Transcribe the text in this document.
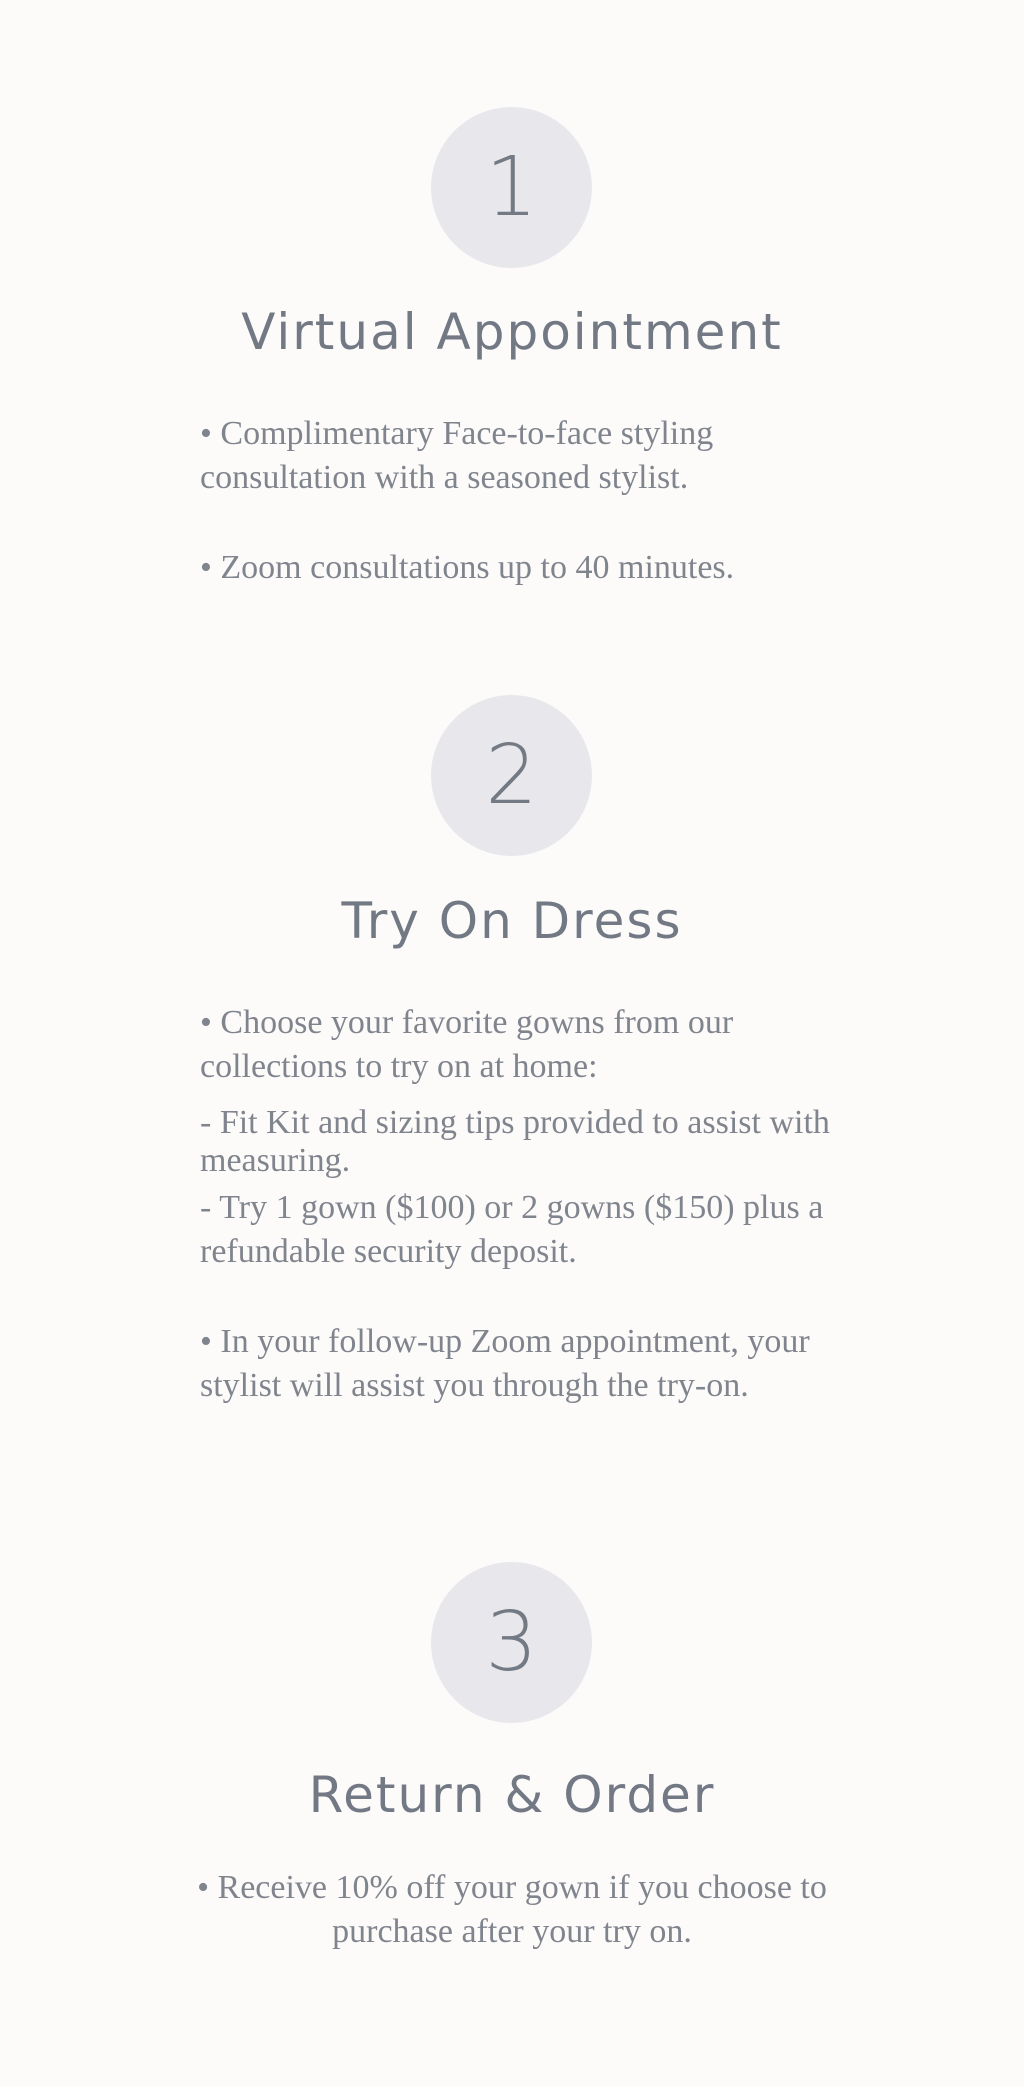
1
Virtual Appointment

• Complimentary Face-to-face styling consultation with a seasoned stylist.

• Zoom consultations up to 40 minutes.

2
Try On Dress

• Choose your favorite gowns from our collections to try on at home:

- Fit Kit and sizing tips provided to assist with measuring.

- Try 1 gown ($100) or 2 gowns ($150) plus a refundable security deposit.

• In your follow-up Zoom appointment, your stylist will assist you through the try-on.

3
Return & Order

• Receive 10% off your gown if you choose to purchase after your try on.
